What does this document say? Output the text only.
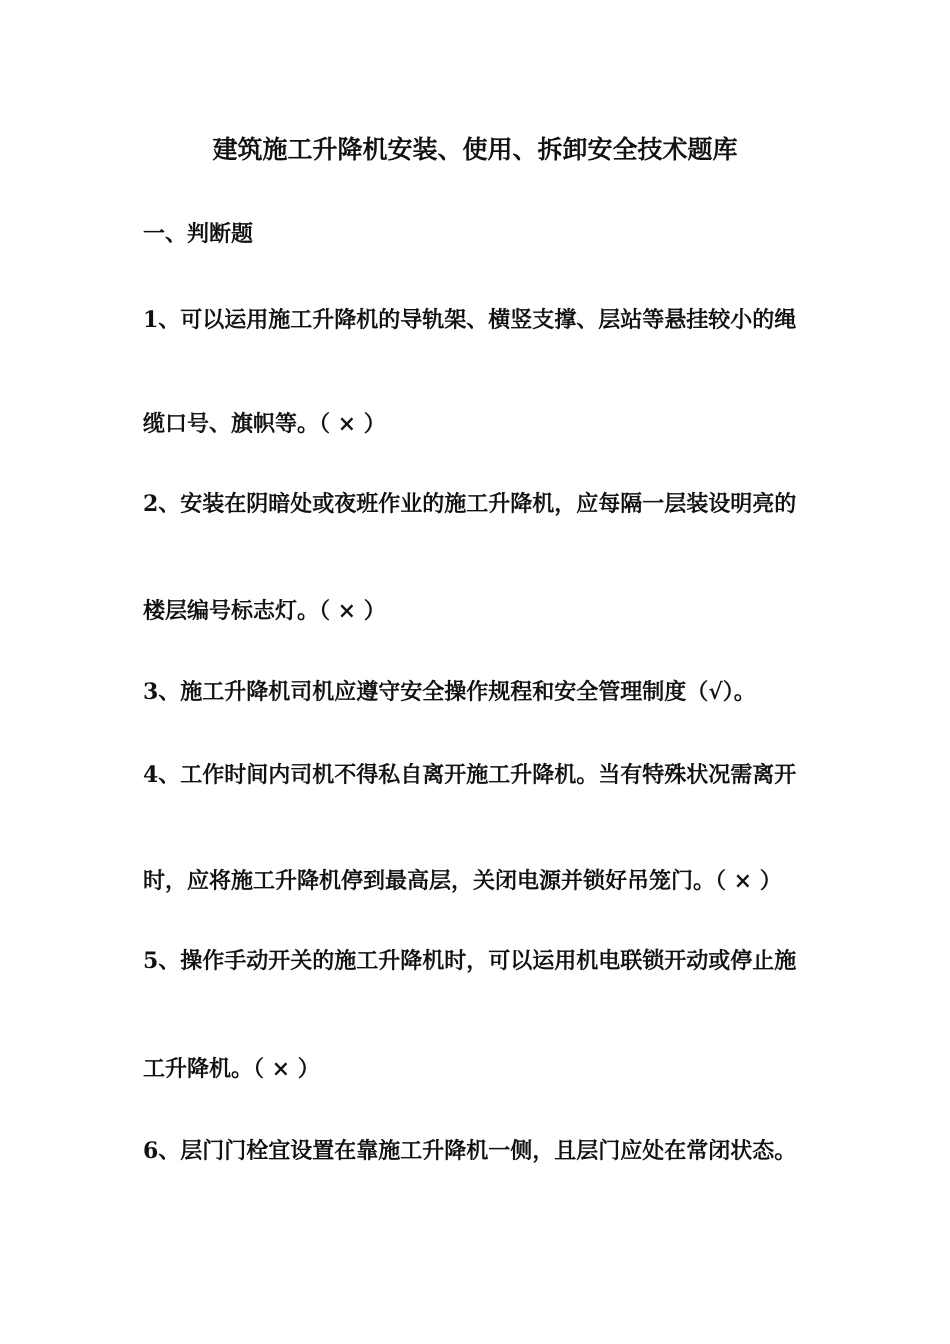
建筑施工升降机安装、使用、拆卸安全技术题库
一、判断题
1、可以运用施工升降机的导轨架、横竖支撑、层站等悬挂较小的绳
缆口号、旗帜等。（ × ）
2、安装在阴暗处或夜班作业的施工升降机，应每隔一层装设明亮的
楼层编号标志灯。（ × ）
3、施工升降机司机应遵守安全操作规程和安全管理制度（√）。
4、工作时间内司机不得私自离开施工升降机。当有特殊状况需离开
时，应将施工升降机停到最高层，关闭电源并锁好吊笼门。（ × ）
5、操作手动开关的施工升降机时，可以运用机电联锁开动或停止施
工升降机。（ × ）
6、层门门栓宜设置在靠施工升降机一侧，且层门应处在常闭状态。
